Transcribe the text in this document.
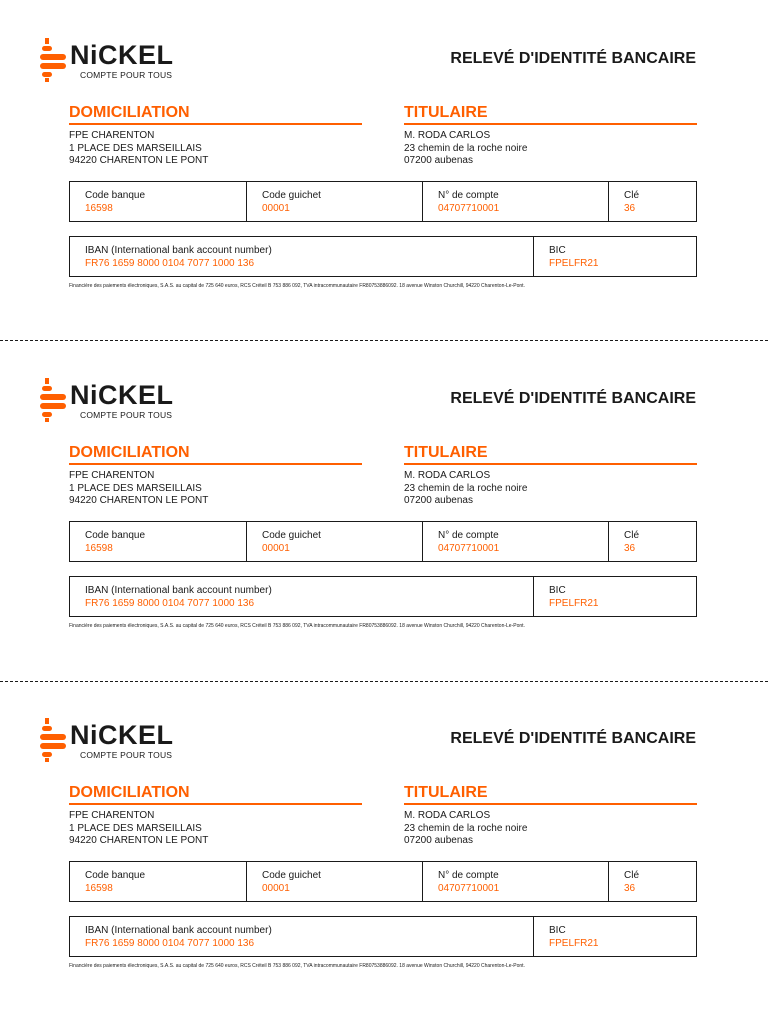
NiCKEL
COMPTE POUR TOUS
RELEVÉ D'IDENTITÉ BANCAIRE
DOMICILIATION
FPE CHARENTON
1 PLACE DES MARSEILLAIS
94220 CHARENTON LE PONT
TITULAIRE
M. RODA CARLOS
23 chemin de la roche noire
07200 aubenas
Code banque
16598
Code guichet
00001
N° de compte
04707710001
Clé
36
IBAN (International bank account number)
FR76 1659 8000 0104 7077 1000 136
BIC
FPELFR21
Financière des paiements électroniques, S.A.S. au capital de 725 640 euros, RCS Créteil B 753 886 092, TVA intracommunautaire FR80753886092. 18 avenue Winston Churchill, 94220 Charenton-Le-Pont.
NiCKEL
COMPTE POUR TOUS
RELEVÉ D'IDENTITÉ BANCAIRE
DOMICILIATION
FPE CHARENTON
1 PLACE DES MARSEILLAIS
94220 CHARENTON LE PONT
TITULAIRE
M. RODA CARLOS
23 chemin de la roche noire
07200 aubenas
Code banque
16598
Code guichet
00001
N° de compte
04707710001
Clé
36
IBAN (International bank account number)
FR76 1659 8000 0104 7077 1000 136
BIC
FPELFR21
Financière des paiements électroniques, S.A.S. au capital de 725 640 euros, RCS Créteil B 753 886 092, TVA intracommunautaire FR80753886092. 18 avenue Winston Churchill, 94220 Charenton-Le-Pont.
NiCKEL
COMPTE POUR TOUS
RELEVÉ D'IDENTITÉ BANCAIRE
DOMICILIATION
FPE CHARENTON
1 PLACE DES MARSEILLAIS
94220 CHARENTON LE PONT
TITULAIRE
M. RODA CARLOS
23 chemin de la roche noire
07200 aubenas
Code banque
16598
Code guichet
00001
N° de compte
04707710001
Clé
36
IBAN (International bank account number)
FR76 1659 8000 0104 7077 1000 136
BIC
FPELFR21
Financière des paiements électroniques, S.A.S. au capital de 725 640 euros, RCS Créteil B 753 886 092, TVA intracommunautaire FR80753886092. 18 avenue Winston Churchill, 94220 Charenton-Le-Pont.
